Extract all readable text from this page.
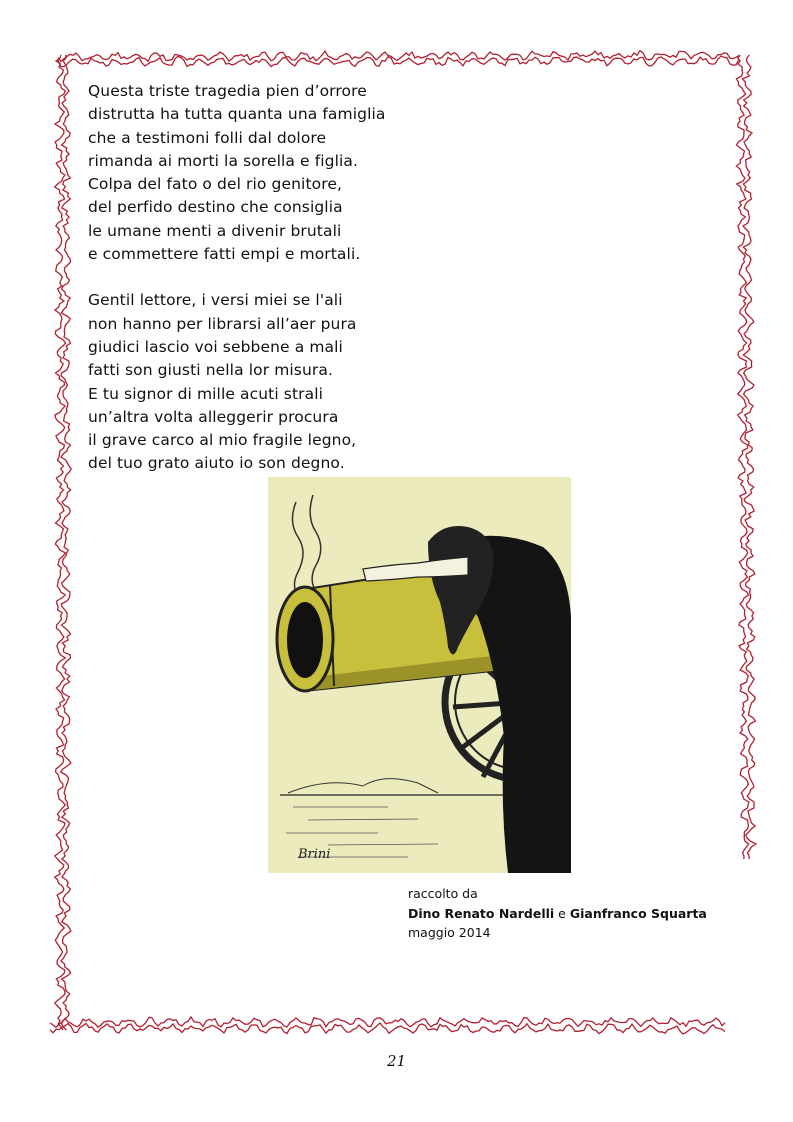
Questa triste tragedia pien d’orrore
distrutta ha tutta quanta una famiglia
che a testimoni folli dal dolore
rimanda ai morti la sorella e figlia.
Colpa del fato o del rio genitore,
del perfido destino che consiglia
le umane menti a divenir brutali
e commettere fatti empi e mortali.
Gentil lettore, i versi miei se l'ali
non hanno per librarsi all’aer pura
giudici lascio voi sebbene a mali
fatti son giusti nella lor misura.
E tu signor di mille acuti strali
un’altra volta alleggerir procura
il grave carco al mio fragile legno,
del tuo grato aiuto io son degno.
Brini
raccolto da
Dino Renato Nardelli e Gianfranco Squarta
maggio 2014
21
